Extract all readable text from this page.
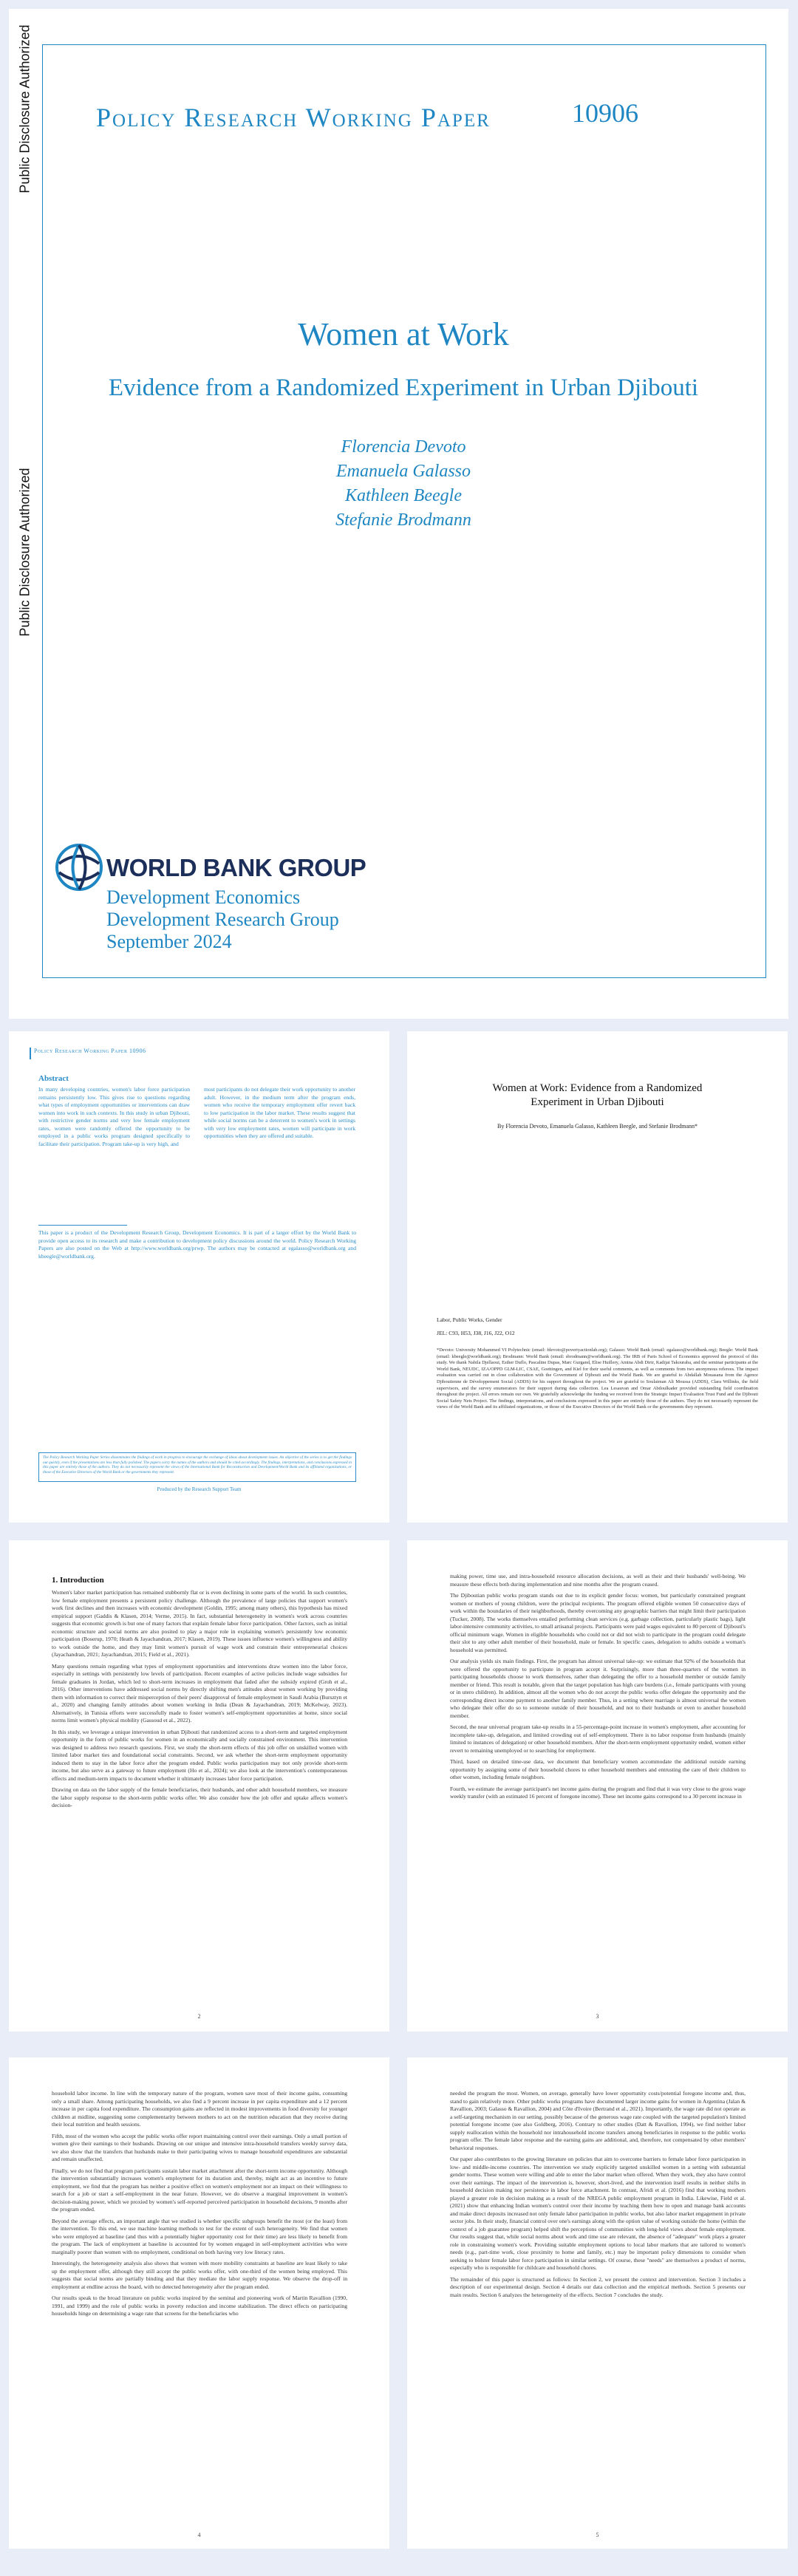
Public Disclosure Authorized
Public Disclosure Authorized
Policy Research Working Paper	10906
Women at Work
Evidence from a Randomized Experiment in Urban Djibouti
Florencia Devoto
Emanuela Galasso
Kathleen Beegle
Stefanie Brodmann
WORLD BANK GROUP
Development Economics
Development Research Group
September 2024
Policy Research Working Paper 10906
Abstract
In many developing countries, women's labor force participation remains persistently low. This gives rise to questions regarding what types of employment opportunities or interventions can draw women into work in such contexts. In this study in urban Djibouti, with restrictive gender norms and very low female employment rates, women were randomly offered the opportunity to be employed in a public works program designed specifically to facilitate their participation. Program take-up is very high, and
most participants do not delegate their work opportunity to another adult. However, in the medium term after the program ends, women who receive the temporary employment offer revert back to low participation in the labor market. These results suggest that while social norms can be a deterrent to women's work in settings with very low employment rates, women will participate in work opportunities when they are offered and suitable.
This paper is a product of the Development Research Group, Development Economics. It is part of a larger effort by the World Bank to provide open access to its research and make a contribution to development policy discussions around the world. Policy Research Working Papers are also posted on the Web at http://www.worldbank.org/prwp. The authors may be contacted at egalasso@worldbank.org and kbeegle@worldbank.org.
The Policy Research Working Paper Series disseminates the findings of work in progress to encourage the exchange of ideas about development issues. An objective of the series is to get the findings out quickly, even if the presentations are less than fully polished. The papers carry the names of the authors and should be cited accordingly. The findings, interpretations, and conclusions expressed in this paper are entirely those of the authors. They do not necessarily represent the views of the International Bank for Reconstruction and Development/World Bank and its affiliated organizations, or those of the Executive Directors of the World Bank or the governments they represent.
Produced by the Research Support Team
Women at Work: Evidence from a Randomized
Experiment in Urban Djibouti
By Florencia Devoto, Emanuela Galasso, Kathleen Beegle, and Stefanie Brodmann*
Labor, Public Works, Gender
JEL: C93, H53, J38, J16, J22, O12
*Devoto: University Mohammed VI Polytechnic (email: fdevoto@povertyactionlab.org); Galasso: World Bank (email: egalasso@worldbank.org); Beegle: World Bank (email: kbeegle@worldbank.org); Brodmann: World Bank (email: sbrodmann@worldbank.org). The IRB of Paris School of Economics approved the protocol of this study. We thank Nabila Djellaoui, Esther Duflo, Pascaline Dupas, Marc Gurgand, Elise Huillery, Amina Abdi Dirir, Kadijat Takouraba, and the seminar participants at the World Bank, NEUDC, IZA/OPPD GLM-LIC, CSAE, Goettingen, and Kiel for their useful comments, as well as comments from two anonymous referees. The impact evaluation was carried out in close collaboration with the Government of Djibouti and the World Bank. We are grateful to Abdallah Mouasana from the Agence Djiboutienne de Développement Social (ADDS) for his support throughout the project. We are grateful to Soulaiman Ali Moussa (ADDS), Clara Willinks, the field supervisors, and the survey enumerators for their support during data collection. Lea Lesauvan and Omar Abdoulkader provided outstanding field coordination throughout the project. All errors remain our own. We gratefully acknowledge the funding we received from the Strategic Impact Evaluation Trust Fund and the Djibouti Social Safety Nets Project. The findings, interpretations, and conclusions expressed in this paper are entirely those of the authors. They do not necessarily represent the views of the World Bank and its affiliated organizations, or those of the Executive Directors of the World Bank or the governments they represent.
1. Introduction

Women's labor market participation has remained stubbornly flat or is even declining in some parts of the world. In such countries, low female employment presents a persistent policy challenge. Although the prevalence of large policies that support women's work first declines and then increases with economic development (Goldin, 1995; among many others), this hypothesis has mixed empirical support (Gaddis & Klasen, 2014; Verme, 2015). In fact, substantial heterogeneity in women's work across countries suggests that economic growth is but one of many factors that explain female labor force participation. Other factors, such as initial economic structure and social norms are also posited to play a major role in explaining women's persistently low economic participation (Boserup, 1970; Heath & Jayachandran, 2017; Klasen, 2019). These issues influence women's willingness and ability to work outside the home, and they may limit women's pursuit of wage work and constrain their entrepreneurial choices (Jayachandran, 2021; Jayachandran, 2015; Field et al., 2021).

Many questions remain regarding what types of employment opportunities and interventions draw women into the labor force, especially in settings with persistently low levels of participation. Recent examples of active policies include wage subsidies for female graduates in Jordan, which led to short-term increases in employment that faded after the subsidy expired (Groh et al., 2016). Other interventions have addressed social norms by directly shifting men's attitudes about women working by providing them with information to correct their misperception of their peers' disapproval of female employment in Saudi Arabia (Bursztyn et al., 2020) and changing family attitudes about women working in India (Dean & Jayachandran, 2019; McKelway, 2023). Alternatively, in Tunisia efforts were successfully made to foster women's self-employment opportunities at home, since social norms limit women's physical mobility (Gassoud et al., 2022).

In this study, we leverage a unique intervention in urban Djibouti that randomized access to a short-term and targeted employment opportunity in the form of public works for women in an economically and socially constrained environment. This intervention was designed to address two research questions. First, we study the short-term effects of this job offer on unskilled women with limited labor market ties and foundational social constraints. Second, we ask whether the short-term employment opportunity induced them to stay in the labor force after the program ended. Public works participation may not only provide short-term income, but also serve as a gateway to future employment (Ho et al., 2024); we also look at the intervention's contemporaneous effects and medium-term impacts to document whether it ultimately increases labor force participation.

Drawing on data on the labor supply of the female beneficiaries, their husbands, and other adult household members, we measure the labor supply response to the short-term public works offer. We also consider how the job offer and uptake affects women's decision-

2

making power, time use, and intra-household resource allocation decisions, as well as their and their husbands' well-being. We measure these effects both during implementation and nine months after the program ceased.

The Djiboutian public works program stands out due to its explicit gender focus: women, but particularly constrained pregnant women or mothers of young children, were the principal recipients. The program offered eligible women 50 consecutive days of work within the boundaries of their neighborhoods, thereby overcoming any geographic barriers that might limit their participation (Tucker, 2008). The works themselves entailed performing clean services (e.g. garbage collection, particularly plastic bags), light labor-intensive community activities, to small artisanal projects. Participants were paid wages equivalent to 80 percent of Djibouti's official minimum wage. Women in eligible households who could not or did not wish to participate in the program could delegate their slot to any other adult member of their household, male or female. In specific cases, delegation to adults outside a woman's household was permitted.

Our analysis yields six main findings. First, the program has almost universal take-up: we estimate that 92% of the households that were offered the opportunity to participate in program accept it. Surprisingly, more than three-quarters of the women in participating households choose to work themselves, rather than delegating the offer to a household member or outside family member or friend. This result is notable, given that the target population has high care burdens (i.e., female participants with young or in utero children). In addition, almost all the women who do not accept the public works offer delegate the opportunity and the corresponding direct income payment to another family member. Thus, in a setting where marriage is almost universal the women who delegate their offer do so to someone outside of their household, and not to their husbands or even to another household member.

Second, the near universal program take-up results in a 55-percentage-point increase in women's employment, after accounting for incomplete take-up, delegation, and limited crowding out of self-employment. There is no labor response from husbands (mainly limited to instances of delegation) or other household members. After the short-term employment opportunity ended, women either revert to remaining unemployed or to searching for employment.

Third, based on detailed time-use data, we document that beneficiary women accommodate the additional outside earning opportunity by assigning some of their household chores to other household members and entrusting the care of their children to other women, including female neighbors.

Fourth, we estimate the average participant's net income gains during the program and find that it was very close to the gross wage weekly transfer (with an estimated 16 percent of foregone income). These net income gains correspond to a 30 percent increase in

3

household labor income. In line with the temporary nature of the program, women save most of their income gains, consuming only a small share. Among participating households, we also find a 9 percent increase in per capita expenditure and a 12 percent increase in per capita food expenditure. The consumption gains are reflected in modest improvements in food diversity for younger children at midline, suggesting some complementarity between mothers to act on the nutrition education that they receive during their local nutrition and health sessions.

Fifth, most of the women who accept the public works offer report maintaining control over their earnings. Only a small portion of women give their earnings to their husbands. Drawing on our unique and intensive intra-household transfers weekly survey data, we also show that the transfers that husbands make to their participating wives to manage household expenditures are substantial and remain unaffected.

Finally, we do not find that program participants sustain labor market attachment after the short-term income opportunity. Although the intervention substantially increases women's employment for its duration and, thereby, might act as an incentive to future employment, we find that the program has neither a positive effect on women's employment nor an impact on their willingness to search for a job or start a self-employment in the near future. However, we do observe a marginal improvement in women's decision-making power, which we proxied by women's self-reported perceived participation in household decisions, 9 months after the program ended.

Beyond the average effects, an important angle that we studied is whether specific subgroups benefit the most (or the least) from the intervention. To this end, we use machine learning methods to test for the extent of such heterogeneity. We find that women who were employed at baseline (and thus with a potentially higher opportunity cost for their time) are less likely to benefit from the program. The lack of employment at baseline is accounted for by women engaged in self-employment activities who were marginally poorer than women with no employment, conditional on both having very low literacy rates.

Interestingly, the heterogeneity analysis also shows that women with more mobility constraints at baseline are least likely to take up the employment offer, although they still accept the public works offer, with one-third of the women being employed. This suggests that social norms are partially binding and that they mediate the labor supply response. We observe the drop-off in employment at endline across the board, with no detected heterogeneity after the program ended.

Our results speak to the broad literature on public works inspired by the seminal and pioneering work of Martin Ravallion (1990, 1991, and 1999) and the role of public works in poverty reduction and income stabilization. The direct effects on participating households hinge on determining a wage rate that screens for the beneficiaries who

4

needed the program the most. Women, on average, generally have lower opportunity costs/potential foregone income and, thus, stand to gain relatively more. Other public works programs have documented larger income gains for women in Argentina (Jalan & Ravallion, 2003; Galasso & Ravallion, 2004) and Côte d'Ivoire (Bertrand et al., 2021). Importantly, the wage rate did not operate as a self-targeting mechanism in our setting, possibly because of the generous wage rate coupled with the targeted population's limited potential foregone income (see also Goldberg, 2016). Contrary to other studies (Datt & Ravallion, 1994), we find neither labor supply reallocation within the household nor intrahousehold income transfers among beneficiaries in response to the public works program offer. The female labor response and the earning gains are additional, and, therefore, not compensated by other members' behavioral responses.

Our paper also contributes to the growing literature on policies that aim to overcome barriers to female labor force participation in low- and middle-income countries. The intervention we study explicitly targeted unskilled women in a setting with substantial gender norms. These women were willing and able to enter the labor market when offered. When they work, they also have control over their earnings. The impact of the intervention is, however, short-lived, and the intervention itself results in neither shifts in household decision making nor persistence in labor force attachment. In contrast, Afridi et al. (2016) find that working mothers played a greater role in decision making as a result of the NREGA public employment program in India. Likewise, Field et al. (2021) show that enhancing Indian women's control over their income by teaching them how to open and manage bank accounts and make direct deposits increased not only female labor participation in public works, but also labor market engagement in private sector jobs. In their study, financial control over one's earnings along with the option value of working outside the home (within the context of a job guarantee program) helped shift the perceptions of communities with long-held views about female employment. Our results suggest that, while social norms about work and time use are relevant, the absence of "adequate" work plays a greater role in constraining women's work. Providing suitable employment options to local labor markets that are tailored to women's needs (e.g., part-time work, close proximity to home and family, etc.) may be important policy dimensions to consider when seeking to bolster female labor force participation in similar settings. Of course, these "needs" are themselves a product of norms, especially who is responsible for childcare and household chores.

The remainder of this paper is structured as follows: In Section 2, we present the context and intervention. Section 3 includes a description of our experimental design. Section 4 details our data collection and the empirical methods. Section 5 presents our main results. Section 6 analyzes the heterogeneity of the effects. Section 7 concludes the study.

5
